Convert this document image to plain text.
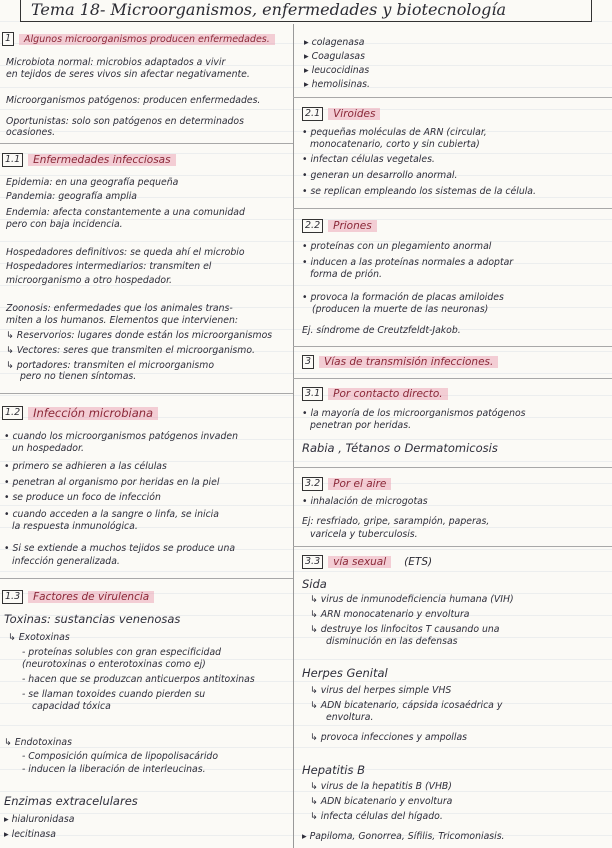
Tema 18- Microorganismos, enfermedades y biotecnología
1	Algunos microorganismos producen enfermedades.
Microbiota normal: microbios adaptados a vivir
en tejidos de seres vivos sin afectar negativamente.
Microorganismos patógenos: producen enfermedades.
Oportunistas: solo son patógenos en determinados
ocasiones.
1.1	Enfermedades infecciosas
Epidemia: en una geografía pequeña
Pandemia: geografía amplia
Endemia: afecta constantemente a una comunidad
pero con baja incidencia.
Hospedadores definitivos: se queda ahí el microbio
Hospedadores intermediarios: transmiten el
microorganismo a otro hospedador.
Zoonosis: enfermedades que los animales trans-
miten a los humanos. Elementos que intervienen:
↳ Reservorios: lugares donde están los microorganismos
↳ Vectores: seres que transmiten el microorganismo.
↳ portadores: transmiten el microorganismo
pero no tienen síntomas.
1.2	Infección microbiana
• cuando los microorganismos patógenos invaden
un hospedador.
• primero se adhieren a las células
• penetran al organismo por heridas en la piel
• se produce un foco de infección
• cuando acceden a la sangre o linfa, se inicia
la respuesta inmunológica.
• Si se extiende a muchos tejidos se produce una
infección generalizada.
1.3	Factores de virulencia
Toxinas: sustancias venenosas
↳ Exotoxinas
- proteínas solubles con gran especificidad
(neurotoxinas o enterotoxinas como ej)
- hacen que se produzcan anticuerpos antitoxinas
- se llaman toxoides cuando pierden su
capacidad tóxica
↳ Endotoxinas
- Composición química de lipopolisacárido
- inducen la liberación de interleucinas.
Enzimas extracelulares
▸ hialuronidasa
▸ lecitinasa
▸ colagenasa
▸ Coagulasas
▸ leucocidinas
▸ hemolisinas.
2.1	Viroides
• pequeñas moléculas de ARN (circular,
monocatenario, corto y sin cubierta)
• infectan células vegetales.
• generan un desarrollo anormal.
• se replican empleando los sistemas de la célula.
2.2	Priones
• proteínas con un plegamiento anormal
• inducen a las proteínas normales a adoptar
forma de prión.
• provoca la formación de placas amiloides
(producen la muerte de las neuronas)
Ej. síndrome de Creutzfeldt-Jakob.
3	Vías de transmisión infecciones.
3.1	Por contacto directo.
• la mayoría de los microorganismos patógenos
penetran por heridas.
Rabia , Tétanos o Dermatomicosis
3.2	Por el aire
• inhalación de microgotas
Ej: resfriado, gripe, sarampión, paperas,
varicela y tuberculosis.
3.3	vía sexual	(ETS)
Sida
↳ virus de inmunodeficiencia humana (VIH)
↳ ARN monocatenario y envoltura
↳ destruye los linfocitos T causando una
disminución en las defensas
Herpes Genital
↳ virus del herpes simple VHS
↳ ADN bicatenario, cápsida icosaédrica y
envoltura.
↳ provoca infecciones y ampollas
Hepatitis B
↳ virus de la hepatitis B (VHB)
↳ ADN bicatenario y envoltura
↳ infecta células del hígado.
▸ Papiloma, Gonorrea, Sífilis, Tricomoniasis.
